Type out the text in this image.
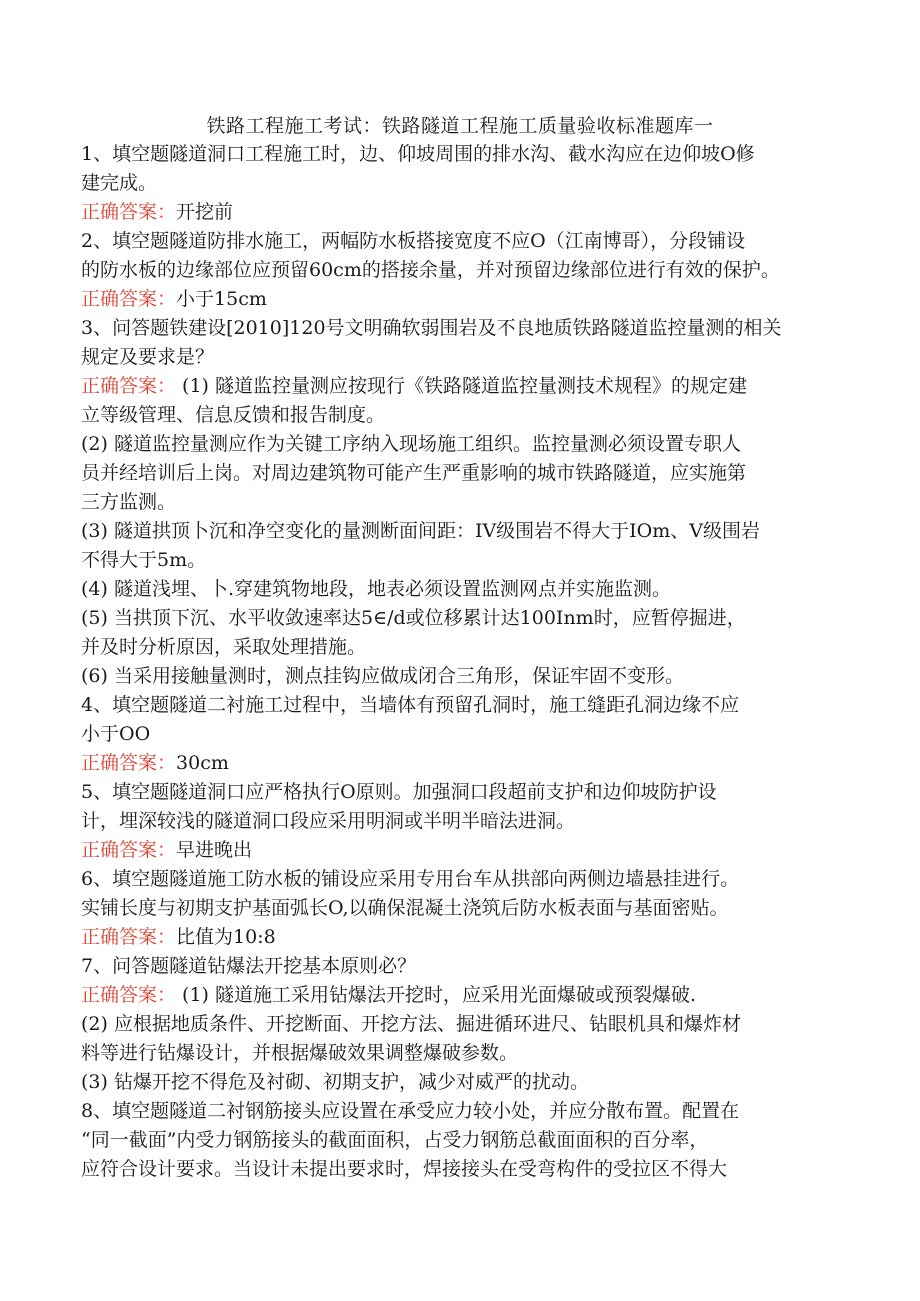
铁路工程施工考试：铁路隧道工程施工质量验收标准题库一
1、填空题隧道洞口工程施工时，边、仰坡周围的排水沟、截水沟应在边仰坡O修
建完成。
正确答案：开挖前
2、填空题隧道防排水施工，两幅防水板搭接宽度不应O（江南博哥），分段铺设
的防水板的边缘部位应预留60cm的搭接余量，并对预留边缘部位进行有效的保护。
正确答案：小于15cm
3、问答题铁建设[2010]120号文明确软弱围岩及不良地质铁路隧道监控量测的相关
规定及要求是？
正确答案： (1) 隧道监控量测应按现行《铁路隧道监控量测技术规程》的规定建
立等级管理、信息反馈和报告制度。
(2) 隧道监控量测应作为关键工序纳入现场施工组织。监控量测必须设置专职人
员并经培训后上岗。对周边建筑物可能产生严重影响的城市铁路隧道，应实施第
三方监测。
(3) 隧道拱顶卜沉和净空变化的量测断面间距：IV级围岩不得大于IOm、V级围岩
不得大于5m。
(4) 隧道浅埋、卜.穿建筑物地段，地表必须设置监测网点并实施监测。
(5) 当拱顶下沉、水平收敛速率达5∈∕d或位移累计达100Inm时，应暂停掘进，
并及时分析原因，采取处理措施。
(6) 当采用接触量测时，测点挂钩应做成闭合三角形，保证牢固不变形。
4、填空题隧道二衬施工过程中，当墙体有预留孔洞时，施工缝距孔洞边缘不应
小于OO
正确答案：30cm
5、填空题隧道洞口应严格执行O原则。加强洞口段超前支护和边仰坡防护设
计，埋深较浅的隧道洞口段应采用明洞或半明半暗法进洞。
正确答案：早进晚出
6、填空题隧道施工防水板的铺设应采用专用台车从拱部向两侧边墙悬挂进行。
实铺长度与初期支护基面弧长O,以确保混凝土浇筑后防水板表面与基面密贴。
正确答案：比值为10:8
7、问答题隧道钻爆法开挖基本原则必？
正确答案： (1) 隧道施工采用钻爆法开挖时，应采用光面爆破或预裂爆破.
(2) 应根据地质条件、开挖断面、开挖方法、掘进循环进尺、钻眼机具和爆炸材
料等进行钻爆设计，并根据爆破效果调整爆破参数。
(3) 钻爆开挖不得危及衬砌、初期支护，减少对威严的扰动。
8、填空题隧道二衬钢筋接头应设置在承受应力较小处，并应分散布置。配置在
“同一截面”内受力钢筋接头的截面面积，占受力钢筋总截面面积的百分率，
应符合设计要求。当设计未提出要求时，焊接接头在受弯构件的受拉区不得大
